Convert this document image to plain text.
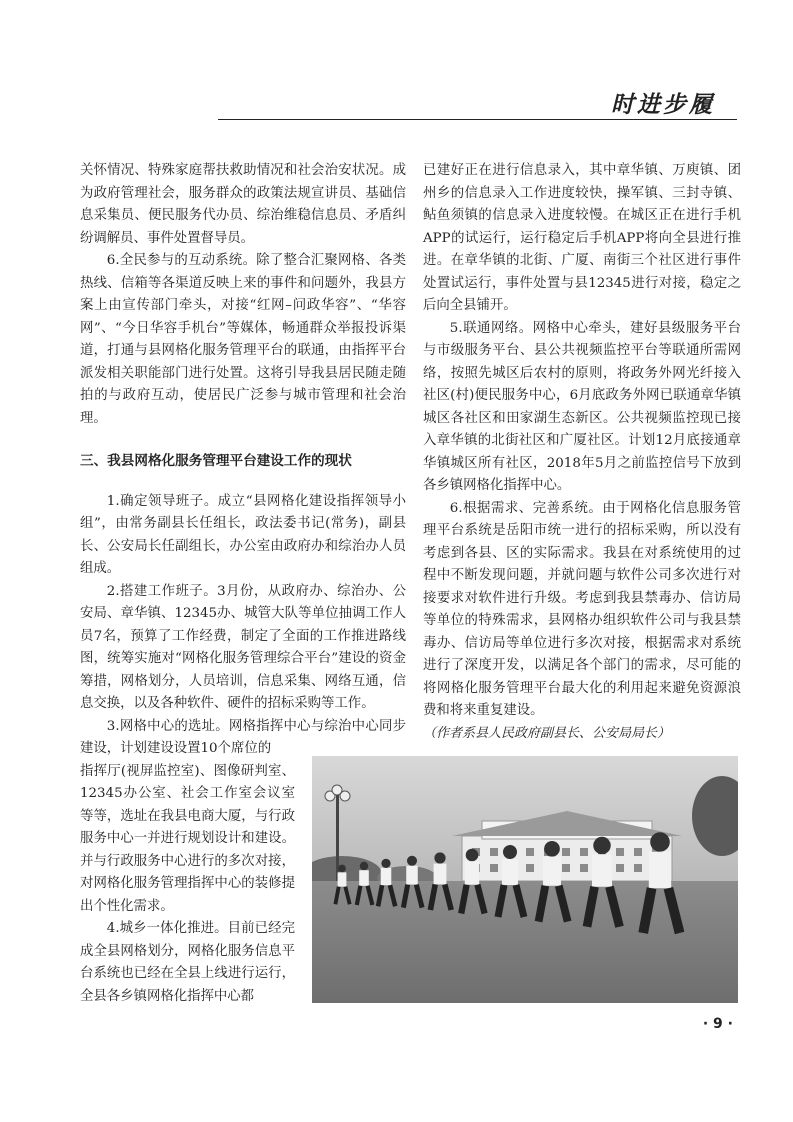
时进步履

关怀情况、特殊家庭帮扶救助情况和社会治安状况。成为政府管理社会，服务群众的政策法规宣讲员、基础信息采集员、便民服务代办员、综治维稳信息员、矛盾纠纷调解员、事件处置督导员。

6.全民参与的互动系统。除了整合汇聚网格、各类热线、信箱等各渠道反映上来的事件和问题外，我县方案上由宣传部门牵头，对接“红网–问政华容”、“华容网”、“今日华容手机台”等媒体，畅通群众举报投诉渠道，打通与县网格化服务管理平台的联通，由指挥平台派发相关职能部门进行处置。这将引导我县居民随走随拍的与政府互动，使居民广泛参与城市管理和社会治理。

三、我县网格化服务管理平台建设工作的现状

1.确定领导班子。成立“县网格化建设指挥领导小组”，由常务副县长任组长，政法委书记(常务)，副县长、公安局长任副组长，办公室由政府办和综治办人员组成。

2.搭建工作班子。3月份，从政府办、综治办、公安局、章华镇、12345办、城管大队等单位抽调工作人员7名，预算了工作经费，制定了全面的工作推进路线图，统筹实施对“网格化服务管理综合平台”建设的资金筹措，网格划分，人员培训，信息采集、网络互通，信息交换，以及各种软件、硬件的招标采购等工作。

3.网格中心的选址。网格指挥中心与综治中心同步建设，计划建设设置10个席位的

指挥厅(视屏监控室)、图像研判室、12345办公室、社会工作室会议室等等，选址在我县电商大厦，与行政服务中心一并进行规划设计和建设。并与行政服务中心进行的多次对接，对网格化服务管理指挥中心的装修提出个性化需求。

4.城乡一体化推进。目前已经完成全县网格划分，网格化服务信息平台系统也已经在全县上线进行运行，全县各乡镇网格化指挥中心都

已建好正在进行信息录入，其中章华镇、万庾镇、团州乡的信息录入工作进度较快，操军镇、三封寺镇、鲇鱼须镇的信息录入进度较慢。在城区正在进行手机APP的试运行，运行稳定后手机APP将向全县进行推进。在章华镇的北街、广厦、南街三个社区进行事件处置试运行，事件处置与县12345进行对接，稳定之后向全县铺开。

5.联通网络。网格中心牵头，建好县级服务平台与市级服务平台、县公共视频监控平台等联通所需网络，按照先城区后农村的原则，将政务外网光纤接入社区(村)便民服务中心，6月底政务外网已联通章华镇城区各社区和田家湖生态新区。公共视频监控现已接入章华镇的北街社区和广厦社区。计划12月底接通章华镇城区所有社区，2018年5月之前监控信号下放到各乡镇网格化指挥中心。

6.根据需求、完善系统。由于网格化信息服务管理平台系统是岳阳市统一进行的招标采购，所以没有考虑到各县、区的实际需求。我县在对系统使用的过程中不断发现问题，并就问题与软件公司多次进行对接要求对软件进行升级。考虑到我县禁毒办、信访局等单位的特殊需求，县网格办组织软件公司与我县禁毒办、信访局等单位进行多次对接，根据需求对系统进行了深度开发，以满足各个部门的需求，尽可能的将网格化服务管理平台最大化的利用起来避免资源浪费和将来重复建设。

（作者系县人民政府副县长、公安局局长）

· 9 ·
